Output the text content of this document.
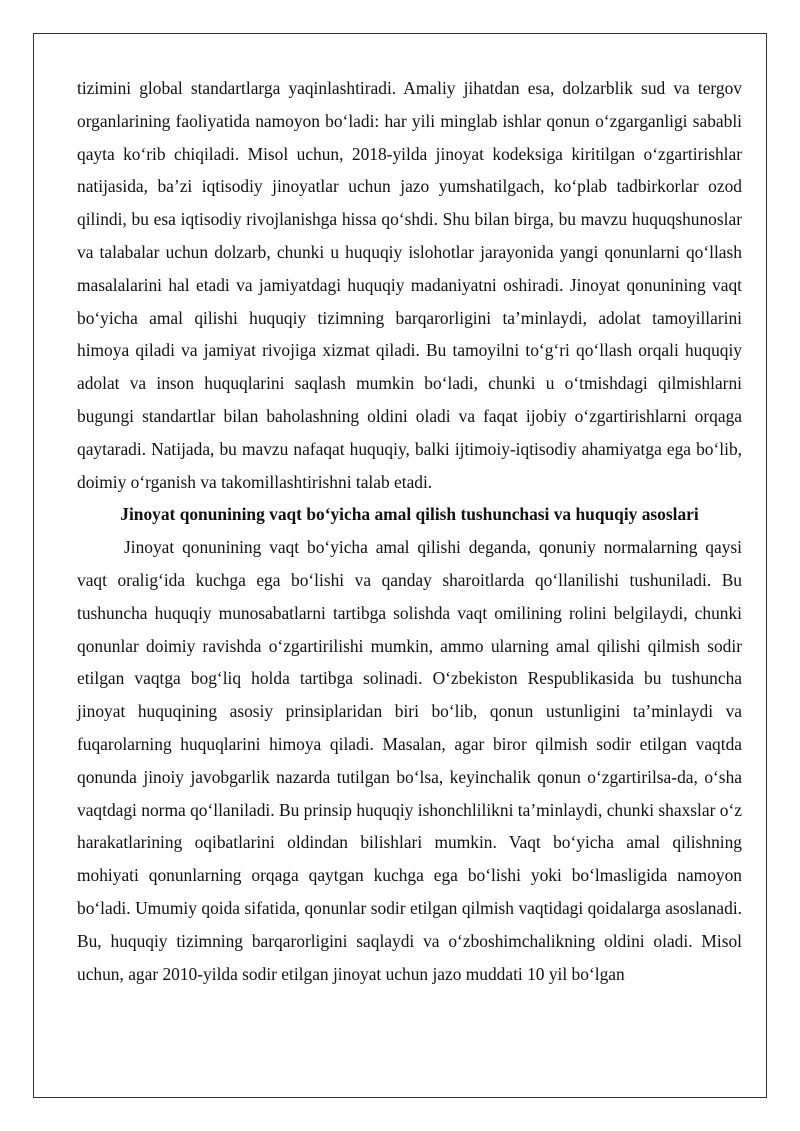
tizimini global standartlarga yaqinlashtiradi. Amaliy jihatdan esa, dolzarblik sud va tergov organlarining faoliyatida namoyon bo‘ladi: har yili minglab ishlar qonun o‘zgarganligi sababli qayta ko‘rib chiqiladi. Misol uchun, 2018-yilda jinoyat kodeksiga kiritilgan o‘zgartirishlar natijasida, ba’zi iqtisodiy jinoyatlar uchun jazo yumshatilgach, ko‘plab tadbirkorlar ozod qilindi, bu esa iqtisodiy rivojlanishga hissa qo‘shdi. Shu bilan birga, bu mavzu huquqshunoslar va talabalar uchun dolzarb, chunki u huquqiy islohotlar jarayonida yangi qonunlarni qo‘llash masalalarini hal etadi va jamiyatdagi huquqiy madaniyatni oshiradi. Jinoyat qonunining vaqt bo‘yicha amal qilishi huquqiy tizimning barqarorligini ta’minlaydi, adolat tamoyillarini himoya qiladi va jamiyat rivojiga xizmat qiladi. Bu tamoyilni to‘g‘ri qo‘llash orqali huquqiy adolat va inson huquqlarini saqlash mumkin bo‘ladi, chunki u o‘tmishdagi qilmishlarni bugungi standartlar bilan baholashning oldini oladi va faqat ijobiy o‘zgartirishlarni orqaga qaytaradi. Natijada, bu mavzu nafaqat huquqiy, balki ijtimoiy-iqtisodiy ahamiyatga ega bo‘lib, doimiy o‘rganish va takomillashtirishni talab etadi.

Jinoyat qonunining vaqt bo‘yicha amal qilish tushunchasi va huquqiy asoslari

Jinoyat qonunining vaqt bo‘yicha amal qilishi deganda, qonuniy normalarning qaysi vaqt oralig‘ida kuchga ega bo‘lishi va qanday sharoitlarda qo‘llanilishi tushuniladi. Bu tushuncha huquqiy munosabatlarni tartibga solishda vaqt omilining rolini belgilaydi, chunki qonunlar doimiy ravishda o‘zgartirilishi mumkin, ammo ularning amal qilishi qilmish sodir etilgan vaqtga bog‘liq holda tartibga solinadi. O‘zbekiston Respublikasida bu tushuncha jinoyat huquqining asosiy prinsiplaridan biri bo‘lib, qonun ustunligini ta’minlaydi va fuqarolarning huquqlarini himoya qiladi. Masalan, agar biror qilmish sodir etilgan vaqtda qonunda jinoiy javobgarlik nazarda tutilgan bo‘lsa, keyinchalik qonun o‘zgartirilsa-da, o‘sha vaqtdagi norma qo‘llaniladi. Bu prinsip huquqiy ishonchlilikni ta’minlaydi, chunki shaxslar o‘z harakatlarining oqibatlarini oldindan bilishlari mumkin. Vaqt bo‘yicha amal qilishning mohiyati qonunlarning orqaga qaytgan kuchga ega bo‘lishi yoki bo‘lmasligida namoyon bo‘ladi. Umumiy qoida sifatida, qonunlar sodir etilgan qilmish vaqtidagi qoidalarga asoslanadi. Bu, huquqiy tizimning barqarorligini saqlaydi va o‘zboshimchalikning oldini oladi. Misol uchun, agar 2010-yilda sodir etilgan jinoyat uchun jazo muddati 10 yil bo‘lgan
